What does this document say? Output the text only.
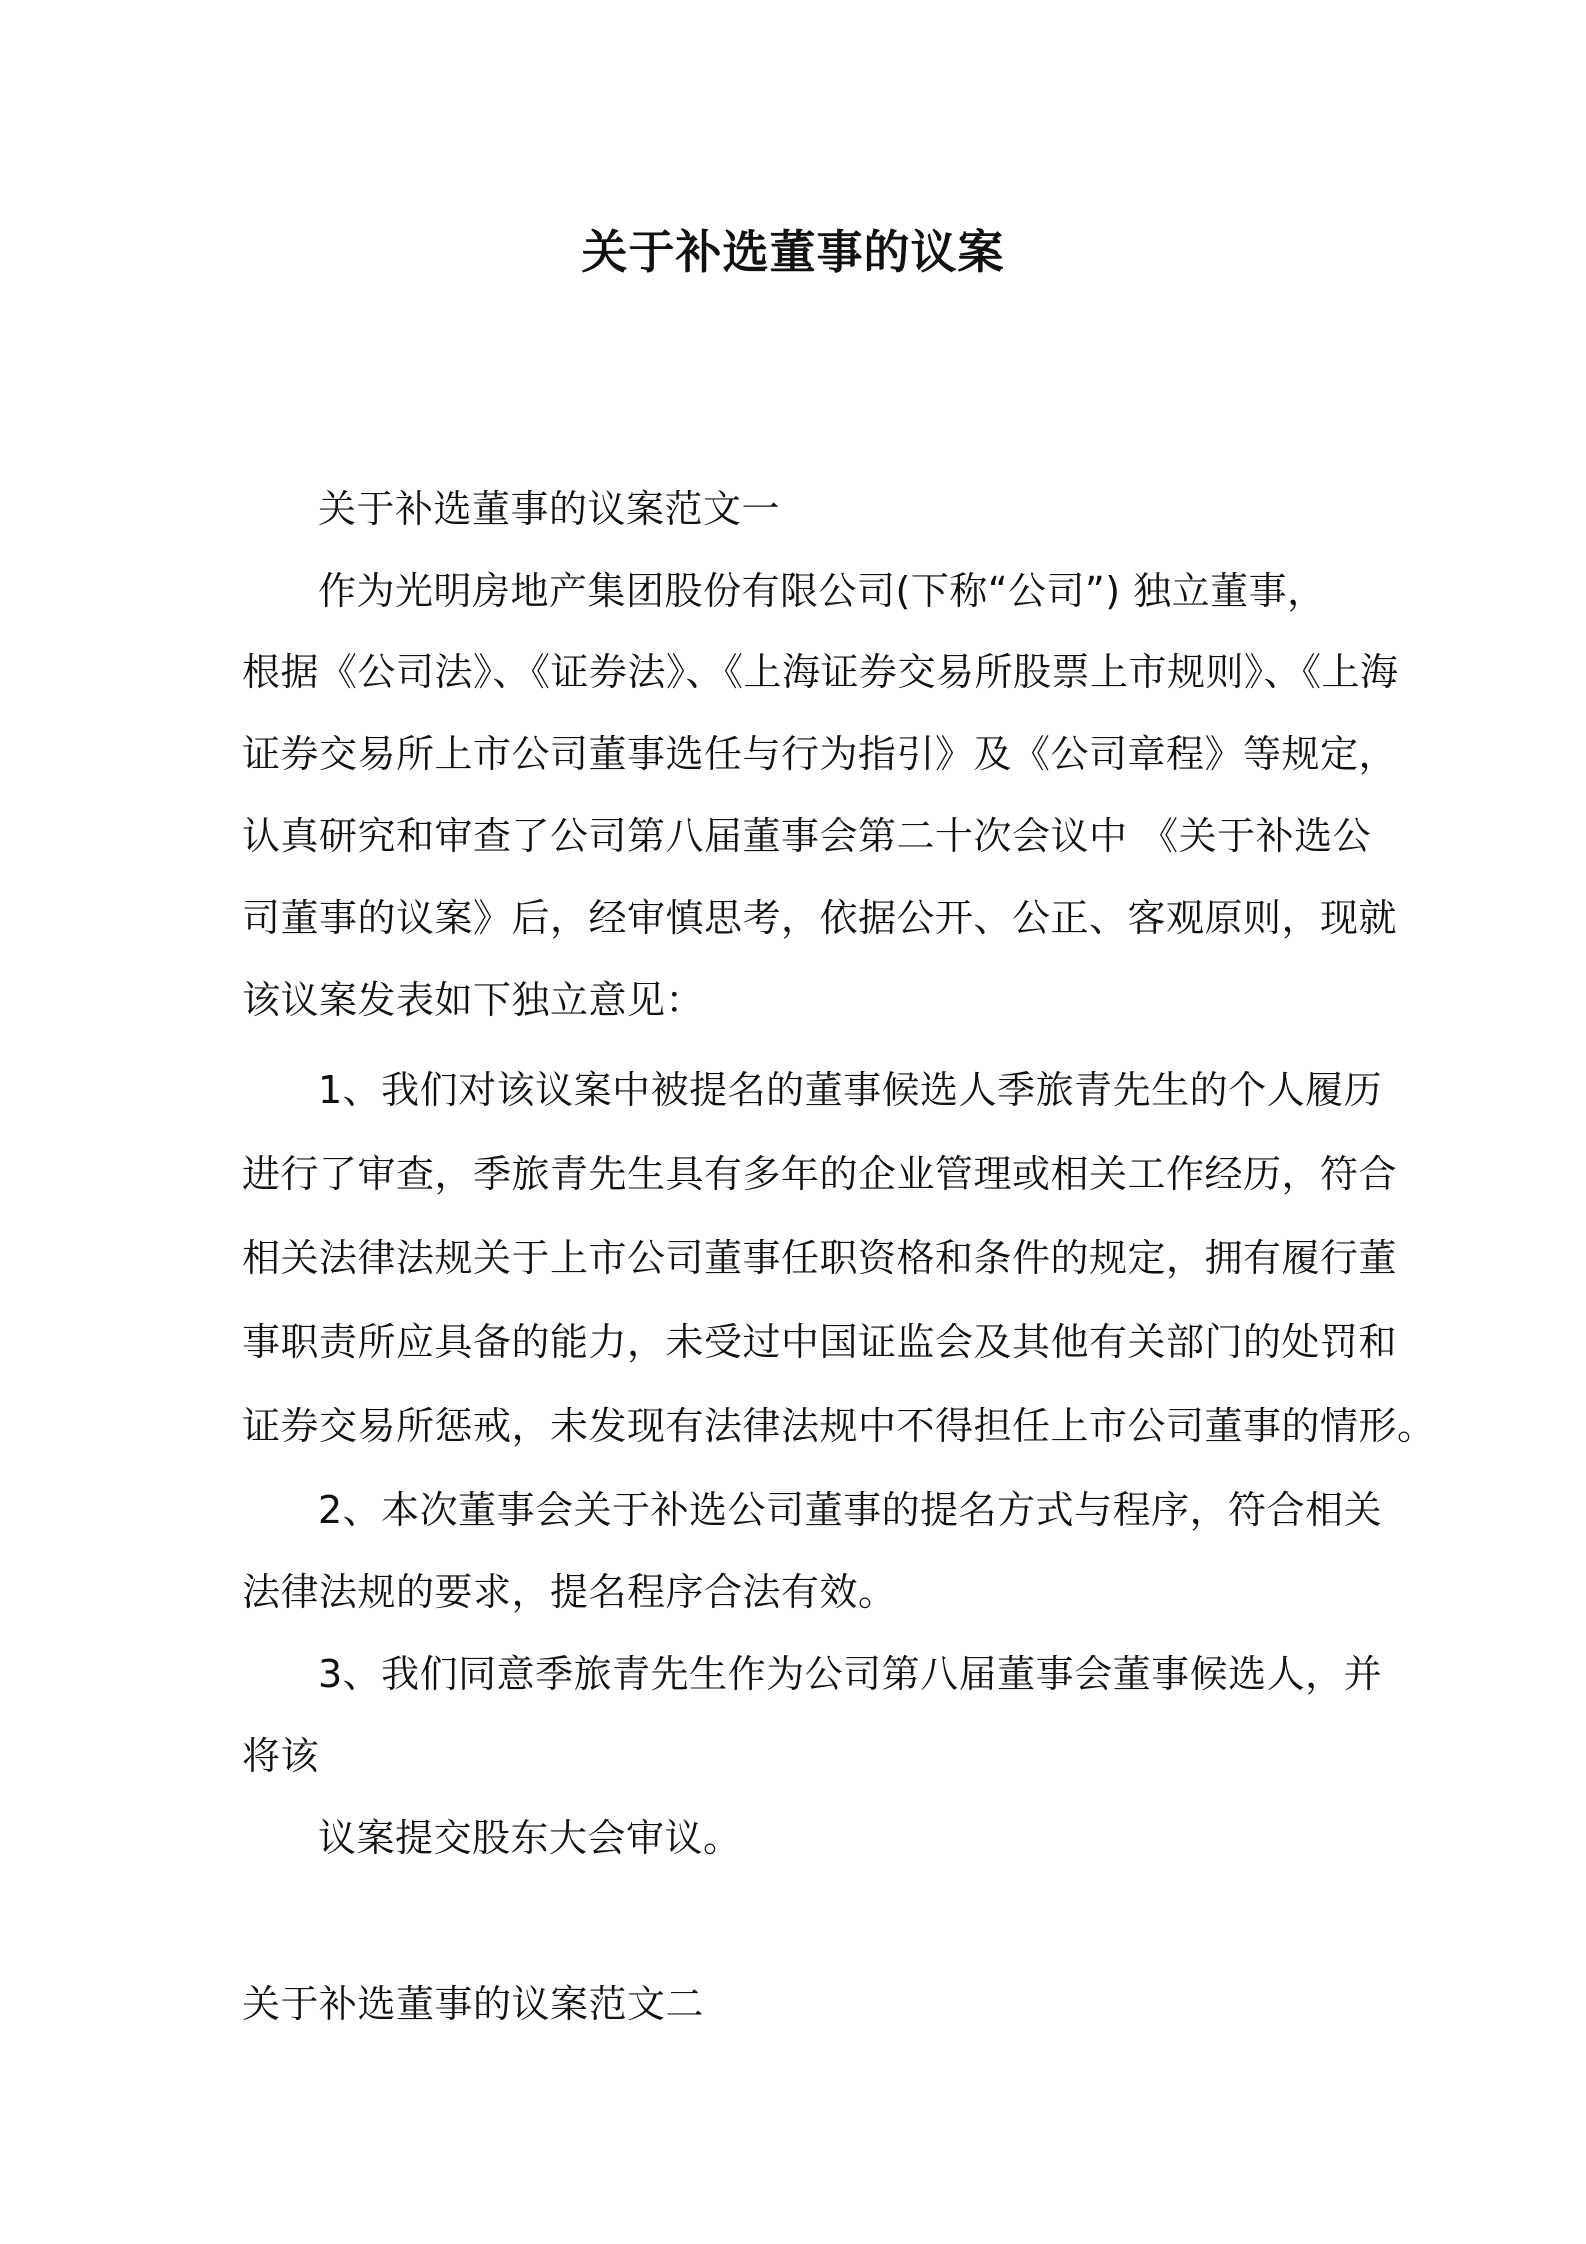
关于补选董事的议案
关于补选董事的议案范文一
作为光明房地产集团股份有限公司(下称“公司”) 独立董事，
根据《公司法》、《证券法》、《上海证券交易所股票上市规则》、《上海
证券交易所上市公司董事选任与行为指引》及《公司章程》等规定，
认真研究和审查了公司第八届董事会第二十次会议中 《关于补选公
司董事的议案》后，经审慎思考，依据公开、公正、客观原则，现就
该议案发表如下独立意见：
1、我们对该议案中被提名的董事候选人季旅青先生的个人履历
进行了审查，季旅青先生具有多年的企业管理或相关工作经历，符合
相关法律法规关于上市公司董事任职资格和条件的规定，拥有履行董
事职责所应具备的能力，未受过中国证监会及其他有关部门的处罚和
证券交易所惩戒，未发现有法律法规中不得担任上市公司董事的情形。
2、本次董事会关于补选公司董事的提名方式与程序，符合相关
法律法规的要求，提名程序合法有效。
3、我们同意季旅青先生作为公司第八届董事会董事候选人，并
将该
议案提交股东大会审议。
关于补选董事的议案范文二
